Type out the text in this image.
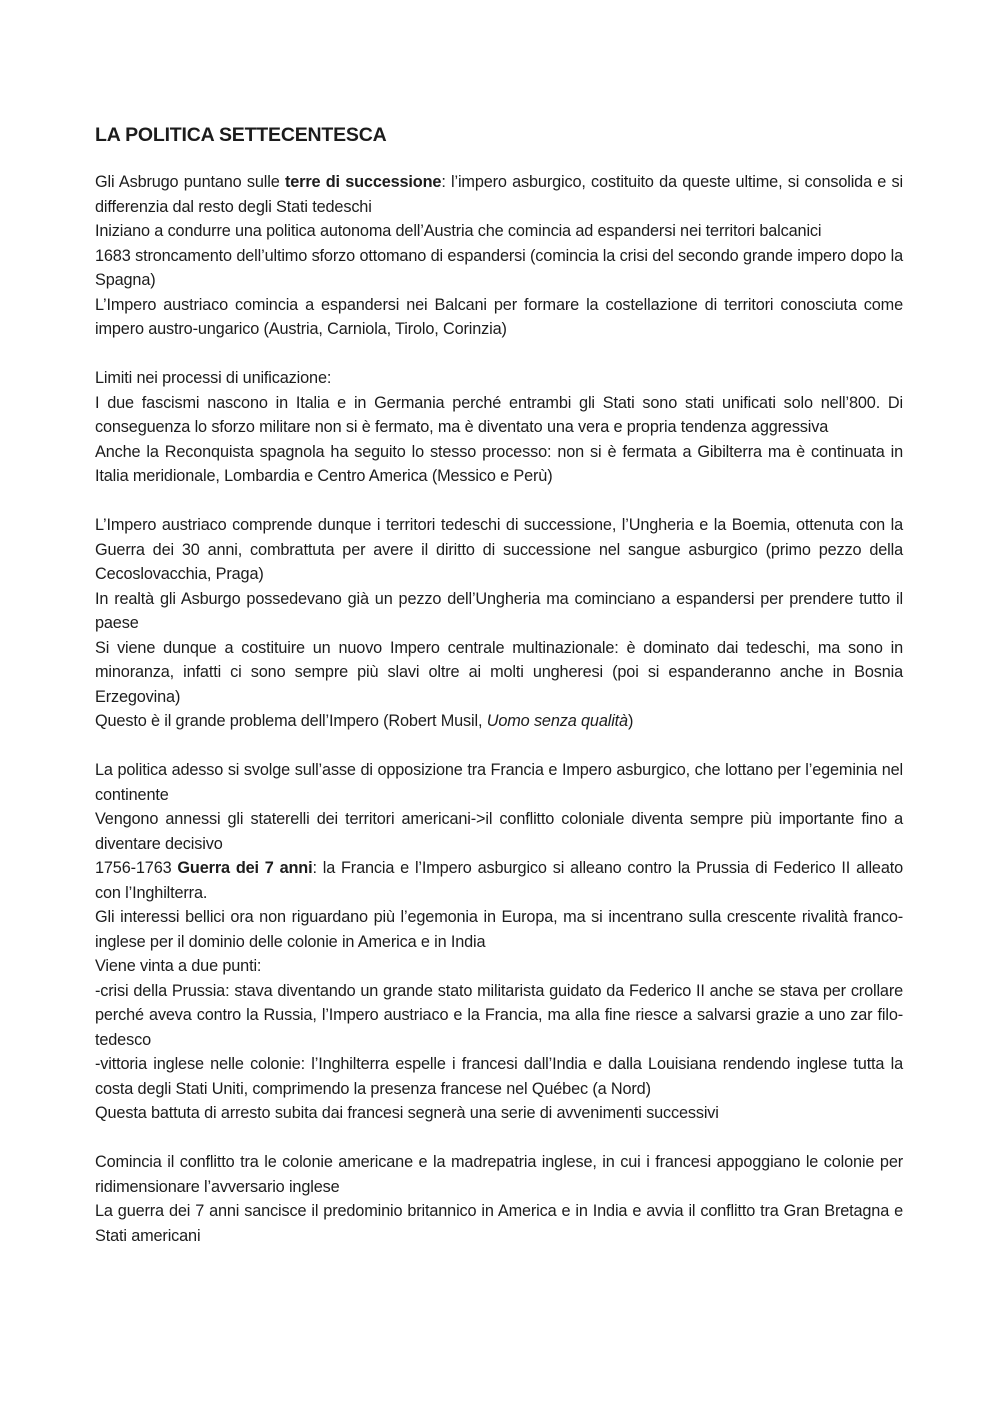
LA POLITICA SETTECENTESCA

Gli Asbrugo puntano sulle terre di successione: l’impero asburgico, costituito da queste ultime, si consolida e si differenzia dal resto degli Stati tedeschi

Iniziano a condurre una politica autonoma dell’Austria che comincia ad espandersi nei territori balcanici

1683 stroncamento dell’ultimo sforzo ottomano di espandersi (comincia la crisi del secondo grande impero dopo la Spagna)

L’Impero austriaco comincia a espandersi nei Balcani per formare la costellazione di territori conosciuta come impero austro-ungarico (Austria, Carniola, Tirolo, Corinzia)

Limiti nei processi di unificazione:

I due fascismi nascono in Italia e in Germania perché entrambi gli Stati sono stati unificati solo nell’800. Di conseguenza lo sforzo militare non si è fermato, ma è diventato una vera e propria tendenza aggressiva

Anche la Reconquista spagnola ha seguito lo stesso processo: non si è fermata a Gibilterra ma è continuata in Italia meridionale, Lombardia e Centro America (Messico e Perù)

L’Impero austriaco comprende dunque i territori tedeschi di successione, l’Ungheria e la Boemia, ottenuta con la Guerra dei 30 anni, combrattuta per avere il diritto di successione nel sangue asburgico (primo pezzo della Cecoslovacchia, Praga)

In realtà gli Asburgo possedevano già un pezzo dell’Ungheria ma cominciano a espandersi per prendere tutto il paese

Si viene dunque a costituire un nuovo Impero centrale multinazionale: è dominato dai tedeschi, ma sono in minoranza, infatti ci sono sempre più slavi oltre ai molti ungheresi (poi si espanderanno anche in Bosnia Erzegovina)

Questo è il grande problema dell’Impero (Robert Musil, Uomo senza qualità)

La politica adesso si svolge sull’asse di opposizione tra Francia e Impero asburgico, che lottano per l’egeminia nel continente

Vengono annessi gli staterelli dei territori americani->il conflitto coloniale diventa sempre più importante fino a diventare decisivo

1756-1763 Guerra dei 7 anni: la Francia e l’Impero asburgico si alleano contro la Prussia di Federico II alleato con l’Inghilterra.

Gli interessi bellici ora non riguardano più l’egemonia in Europa, ma si incentrano sulla crescente rivalità franco-inglese per il dominio delle colonie in America e in India

Viene vinta a due punti:

-crisi della Prussia: stava diventando un grande stato militarista guidato da Federico II anche se stava per crollare perché aveva contro la Russia, l’Impero austriaco e la Francia, ma alla fine riesce a salvarsi grazie a uno zar filo-tedesco

-vittoria inglese nelle colonie: l’Inghilterra espelle i francesi dall’India e dalla Louisiana rendendo inglese tutta la costa degli Stati Uniti, comprimendo la presenza francese nel Québec (a Nord)

Questa battuta di arresto subita dai francesi segnerà una serie di avvenimenti successivi

Comincia il conflitto tra le colonie americane e la madrepatria inglese, in cui i francesi appoggiano le colonie per ridimensionare l’avversario inglese

La guerra dei 7 anni sancisce il predominio britannico in America e in India e avvia il conflitto tra Gran Bretagna e Stati americani
